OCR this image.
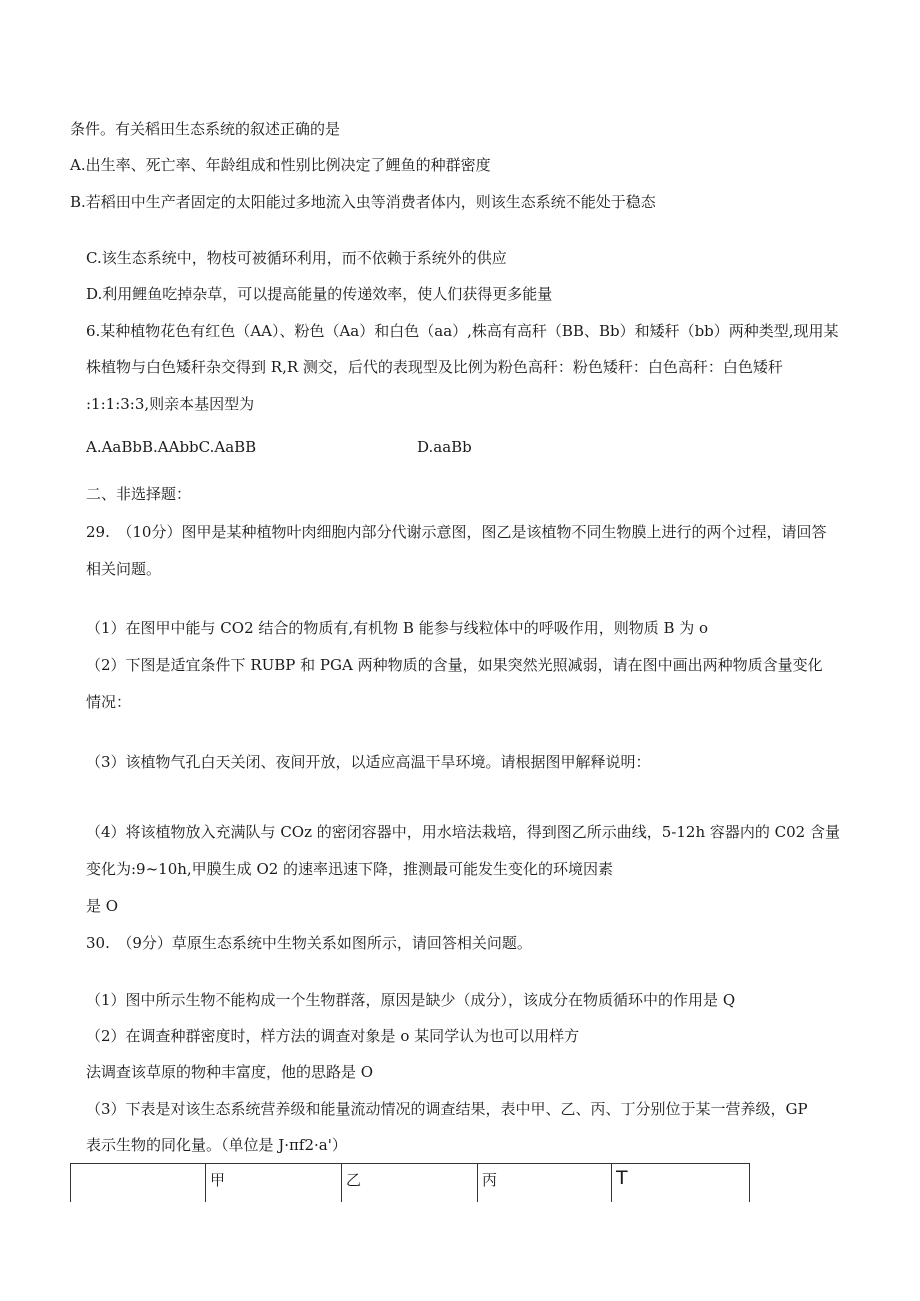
条件。有关稻田生态系统的叙述正确的是
A.出生率、死亡率、年龄组成和性别比例决定了鲤鱼的种群密度
B.若稻田中生产者固定的太阳能过多地流入虫等消费者体内，则该生态系统不能处于稳态
C.该生态系统中，物枝可被循环利用，而不依赖于系统外的供应
D.利用鲤鱼吃掉杂草，可以提高能量的传递效率，使人们获得更多能量
6.某种植物花色有红色（AA）、粉色（Aa）和白色（aa）,株高有高秆（BB、Bb）和矮秆（bb）两种类型,现用某
株植物与白色矮秆杂交得到 R,R 测交，后代的表现型及比例为粉色高秆：粉色矮秆：白色高秆：白色矮秆
:1:1:3:3,则亲本基因型为
A.AaBbB.AAbbC.AaBB	D.aaBb
二、非选择题：
29.　（10分）图甲是某种植物叶肉细胞内部分代谢示意图，图乙是该植物不同生物膜上进行的两个过程，请回答
相关问题。
（1）在图甲中能与 CO2 结合的物质有,有机物 B 能参与线粒体中的呼吸作用，则物质 B 为 o
（2）下图是适宜条件下 RUBP 和 PGA 两种物质的含量，如果突然光照减弱，请在图中画出两种物质含量变化
情况：
（3）该植物气孔白天关闭、夜间开放，以适应高温干旱环境。请根据图甲解释说明：
（4）将该植物放入充满队与 COz 的密闭容器中，用水培法栽培，得到图乙所示曲线，5-12h 容器内的 C02 含量
变化为:9~10h,甲膜生成 O2 的速率迅速下降，推测最可能发生变化的环境因素
是 O
30.　（9分）草原生态系统中生物关系如图所示，请回答相关问题。
（1）图中所示生物不能构成一个生物群落，原因是缺少（成分），该成分在物质循环中的作用是 Q
（2）在调查种群密度时，样方法的调查对象是 o 某同学认为也可以用样方
法调查该草原的物种丰富度，他的思路是 O
（3）下表是对该生态系统营养级和能量流动情况的调查结果，表中甲、乙、丙、丁分别位于某一营养级，GP
表示生物的同化量。（单位是 J·πf2·a'）
甲	乙	丙	T
